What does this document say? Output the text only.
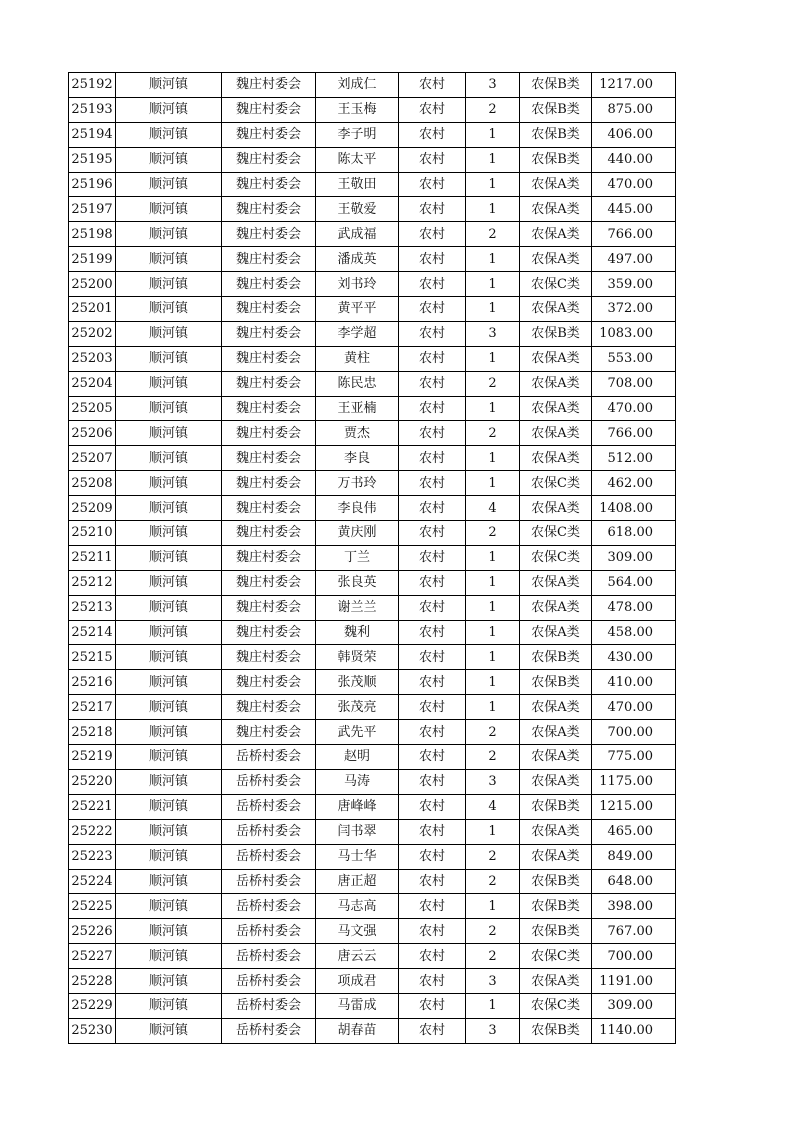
25192	顺河镇	魏庄村委会	刘成仁	农村	3	农保B类	1217.00
25193	顺河镇	魏庄村委会	王玉梅	农村	2	农保B类	875.00
25194	顺河镇	魏庄村委会	李子明	农村	1	农保B类	406.00
25195	顺河镇	魏庄村委会	陈太平	农村	1	农保B类	440.00
25196	顺河镇	魏庄村委会	王敬田	农村	1	农保A类	470.00
25197	顺河镇	魏庄村委会	王敬爱	农村	1	农保A类	445.00
25198	顺河镇	魏庄村委会	武成福	农村	2	农保A类	766.00
25199	顺河镇	魏庄村委会	潘成英	农村	1	农保A类	497.00
25200	顺河镇	魏庄村委会	刘书玲	农村	1	农保C类	359.00
25201	顺河镇	魏庄村委会	黄平平	农村	1	农保A类	372.00
25202	顺河镇	魏庄村委会	李学超	农村	3	农保B类	1083.00
25203	顺河镇	魏庄村委会	黄柱	农村	1	农保A类	553.00
25204	顺河镇	魏庄村委会	陈民忠	农村	2	农保A类	708.00
25205	顺河镇	魏庄村委会	王亚楠	农村	1	农保A类	470.00
25206	顺河镇	魏庄村委会	贾杰	农村	2	农保A类	766.00
25207	顺河镇	魏庄村委会	李良	农村	1	农保A类	512.00
25208	顺河镇	魏庄村委会	万书玲	农村	1	农保C类	462.00
25209	顺河镇	魏庄村委会	李良伟	农村	4	农保A类	1408.00
25210	顺河镇	魏庄村委会	黄庆刚	农村	2	农保C类	618.00
25211	顺河镇	魏庄村委会	丁兰	农村	1	农保C类	309.00
25212	顺河镇	魏庄村委会	张良英	农村	1	农保A类	564.00
25213	顺河镇	魏庄村委会	谢兰兰	农村	1	农保A类	478.00
25214	顺河镇	魏庄村委会	魏利	农村	1	农保A类	458.00
25215	顺河镇	魏庄村委会	韩贤荣	农村	1	农保B类	430.00
25216	顺河镇	魏庄村委会	张茂顺	农村	1	农保B类	410.00
25217	顺河镇	魏庄村委会	张茂亮	农村	1	农保A类	470.00
25218	顺河镇	魏庄村委会	武先平	农村	2	农保A类	700.00
25219	顺河镇	岳桥村委会	赵明	农村	2	农保A类	775.00
25220	顺河镇	岳桥村委会	马涛	农村	3	农保A类	1175.00
25221	顺河镇	岳桥村委会	唐峰峰	农村	4	农保B类	1215.00
25222	顺河镇	岳桥村委会	闫书翠	农村	1	农保A类	465.00
25223	顺河镇	岳桥村委会	马士华	农村	2	农保A类	849.00
25224	顺河镇	岳桥村委会	唐正超	农村	2	农保B类	648.00
25225	顺河镇	岳桥村委会	马志高	农村	1	农保B类	398.00
25226	顺河镇	岳桥村委会	马文强	农村	2	农保B类	767.00
25227	顺河镇	岳桥村委会	唐云云	农村	2	农保C类	700.00
25228	顺河镇	岳桥村委会	项成君	农村	3	农保A类	1191.00
25229	顺河镇	岳桥村委会	马雷成	农村	1	农保C类	309.00
25230	顺河镇	岳桥村委会	胡春苗	农村	3	农保B类	1140.00
